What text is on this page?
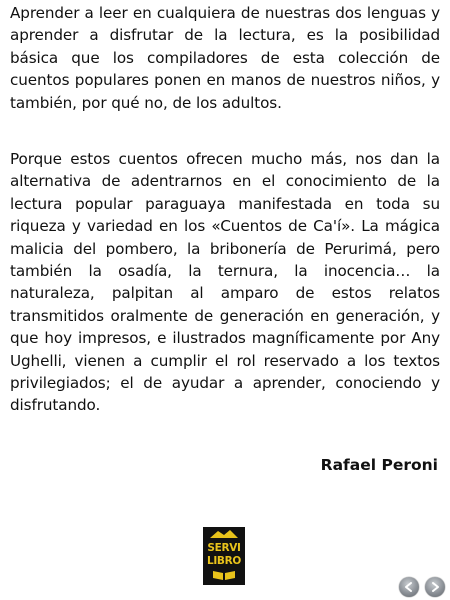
Aprender a leer en cualquiera de nuestras dos lenguas y aprender a disfrutar de la lectura, es la posibilidad básica que los compiladores de esta colección de cuentos populares ponen en manos de nuestros niños, y también, por qué no, de los adultos.

Porque estos cuentos ofrecen mucho más, nos dan la alternativa de adentrarnos en el conocimiento de la lectura popular paraguaya manifestada en toda su riqueza y variedad en los «Cuentos de Ca'í». La mágica malicia del pombero, la bribonería de Perurimá, pero también la osadía, la ternura, la inocencia… la naturaleza, palpitan al amparo de estos relatos transmitidos oralmente de generación en generación, y que hoy impresos, e ilustrados magníficamente por Any Ughelli, vienen a cumplir el rol reservado a los textos privilegiados; el de ayudar a aprender, conociendo y disfrutando.

Rafael Peroni
SERVI
LIBRO
